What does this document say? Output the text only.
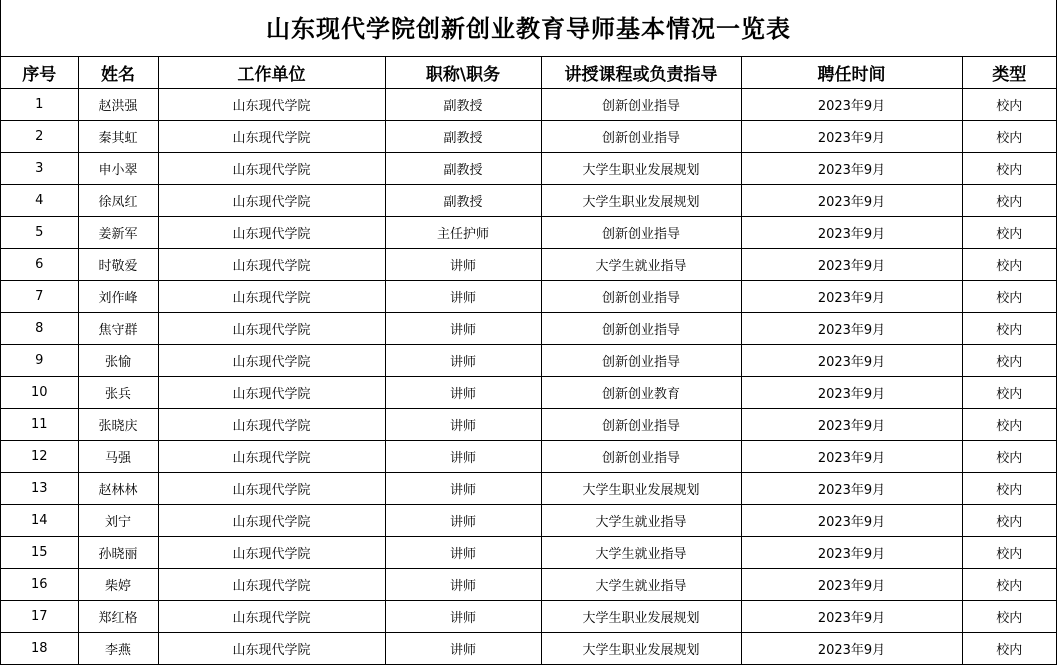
山东现代学院创新创业教育导师基本情况一览表
序号	姓名	工作单位	职称\职务	讲授课程或负责指导	聘任时间	类型
1	赵洪强	山东现代学院	副教授	创新创业指导	2023年9月	校内
2	秦其虹	山东现代学院	副教授	创新创业指导	2023年9月	校内
3	申小翠	山东现代学院	副教授	大学生职业发展规划	2023年9月	校内
4	徐凤红	山东现代学院	副教授	大学生职业发展规划	2023年9月	校内
5	姜新军	山东现代学院	主任护师	创新创业指导	2023年9月	校内
6	时敬爱	山东现代学院	讲师	大学生就业指导	2023年9月	校内
7	刘作峰	山东现代学院	讲师	创新创业指导	2023年9月	校内
8	焦守群	山东现代学院	讲师	创新创业指导	2023年9月	校内
9	张愉	山东现代学院	讲师	创新创业指导	2023年9月	校内
10	张兵	山东现代学院	讲师	创新创业教育	2023年9月	校内
11	张晓庆	山东现代学院	讲师	创新创业指导	2023年9月	校内
12	马强	山东现代学院	讲师	创新创业指导	2023年9月	校内
13	赵林林	山东现代学院	讲师	大学生职业发展规划	2023年9月	校内
14	刘宁	山东现代学院	讲师	大学生就业指导	2023年9月	校内
15	孙晓丽	山东现代学院	讲师	大学生就业指导	2023年9月	校内
16	柴婷	山东现代学院	讲师	大学生就业指导	2023年9月	校内
17	郑红格	山东现代学院	讲师	大学生职业发展规划	2023年9月	校内
18	李燕	山东现代学院	讲师	大学生职业发展规划	2023年9月	校内
